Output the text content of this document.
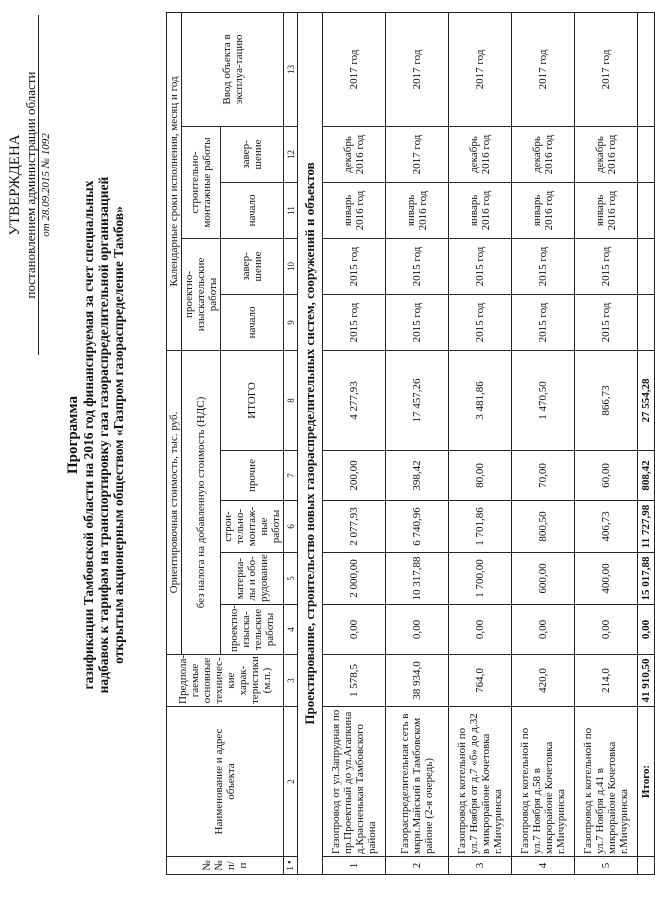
УТВЕРЖДЕНА постановлением администрации области от 28.09.2015 № 1092
Программа газификации Тамбовской области на 2016 год финансируемая за счет специальных надбавок к тарифам на транспортировку газа газораспределительной организацией открытым акционерным обществом «Газпром газораспределение Тамбов»
№ № п/п	Наименование и адрес объекта	Предпола-гаемые основные техничес-кие харак-теристики (м.п.)	Ориентировочная стоимость, тыс. руб.					Календарные сроки исполнения, месяц и год				
			без налога на добавленную стоимость (НДС)					проектно-изыскательские работы		строительно-монтажные работы		Ввод объекта в эксплуа-тацию
			проектно-изыска-тельские работы	материа-лы и обо-рудование	строи-тельно-монтаж-ные работы	прочие	ИТОГО	начало	завер-шение	начало	завер-шение	
1 •	2	3	4	5	6	7	8	9	10	11	12	13
Проектирование, строительство новых газораспределительных систем, сооружений и объектов												
1	Газопровод от ул.Запрудная по пр.Проектный до ул.Агапкина д.Красненькая Тамбовского района	1 578,5	0,00	2 000,00	2 077,93	200,00	4 277,93	2015 год	2015 год	январь 2016 год	декабрь 2016 год	2017 год
2	Газораспределительная сеть в мкрн.Майский в Тамбовском районе (2-я очередь)	38 934,0	0,00	10 317,88	6 740,96	398,42	17 457,26	2015 год	2015 год	январь 2016 год	2017 год	2017 год
3	Газопровод к котельной по ул.7 Ноября от д.7 «б» до д.32 в микрорайоне Кочетовка г.Мичуринска	764,0	0,00	1 700,00	1 701,86	80,00	3 481,86	2015 год	2015 год	январь 2016 год	декабрь 2016 год	2017 год
4	Газопровод к котельной по ул.7 Ноября д.58 в микрорайоне Кочетовка г.Мичуринска	420,0	0,00	600,00	800,50	70,00	1 470,50	2015 год	2015 год	январь 2016 год	декабрь 2016 год	2017 год
5	Газопровод к котельной по ул.7 Ноября д.41 в микрорайоне Кочетовка г.Мичуринска	214,0	0,00	400,00	406,73	60,00	866,73	2015 год	2015 год	январь 2016 год	декабрь 2016 год	2017 год
	Итого:	41 910,50	0,00	15 017,88	11 727,98	808,42	27 554,28					
